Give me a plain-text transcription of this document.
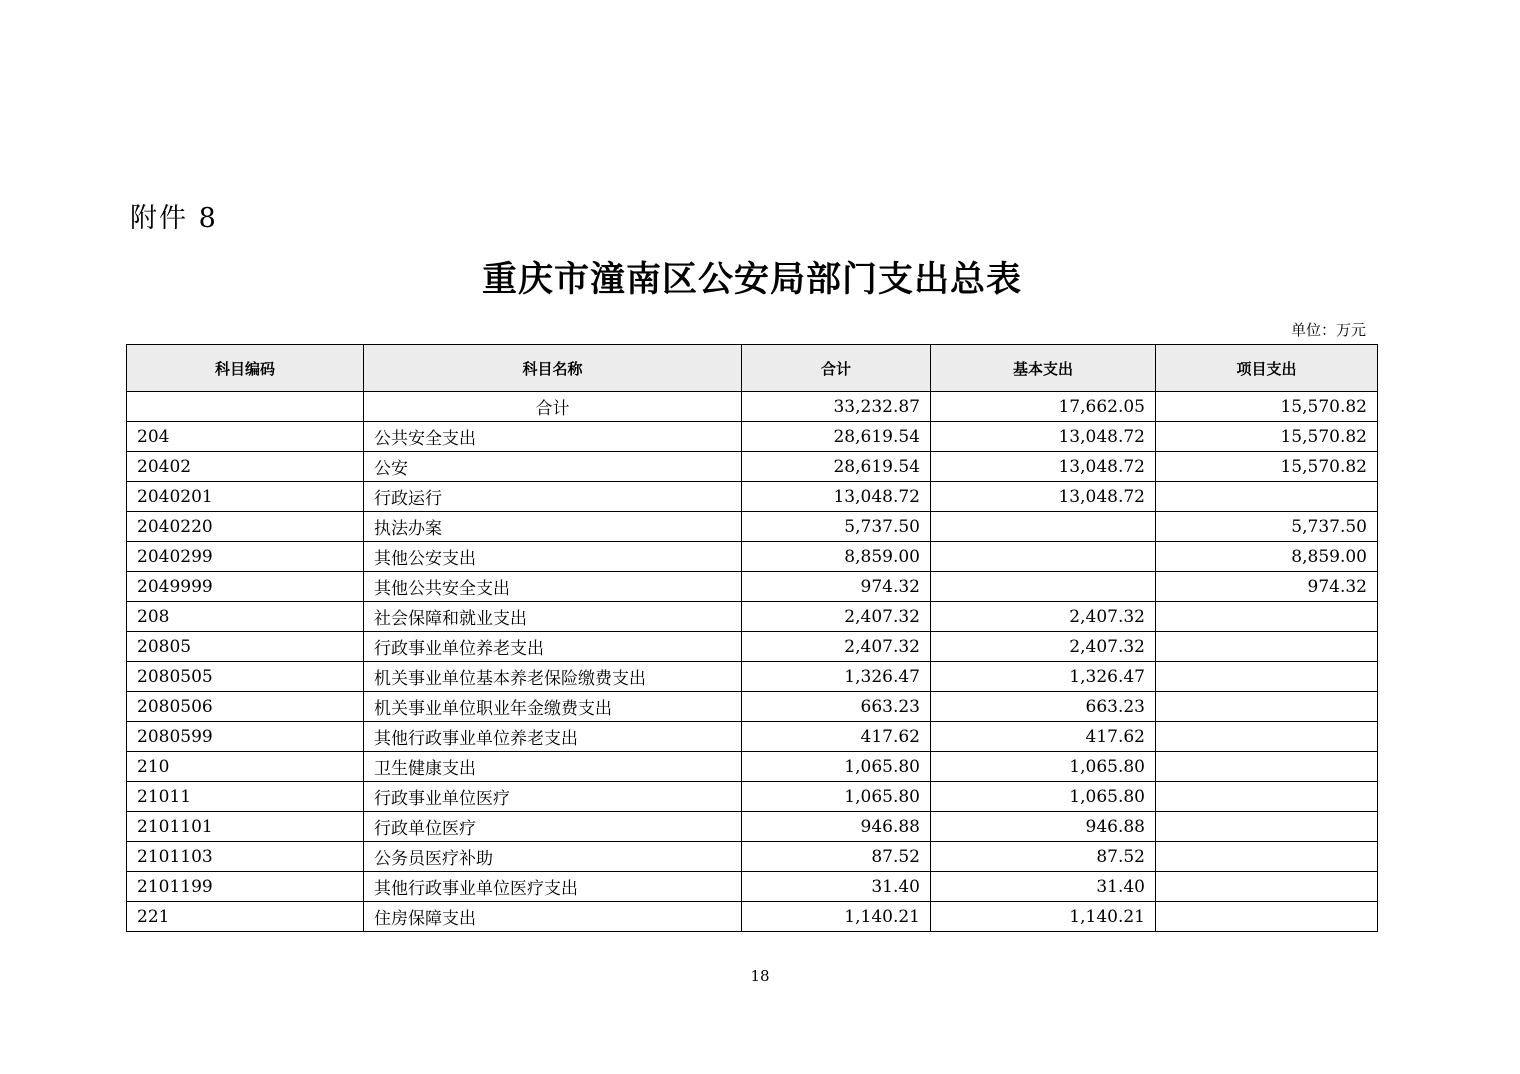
附件 8
重庆市潼南区公安局部门支出总表
单位：万元
科目编码	科目名称	合计	基本支出	项目支出
	合计	33,232.87	17,662.05	15,570.82
204	公共安全支出	28,619.54	13,048.72	15,570.82
20402	公安	28,619.54	13,048.72	15,570.82
2040201	行政运行	13,048.72	13,048.72	
2040220	执法办案	5,737.50		5,737.50
2040299	其他公安支出	8,859.00		8,859.00
2049999	其他公共安全支出	974.32		974.32
208	社会保障和就业支出	2,407.32	2,407.32	
20805	行政事业单位养老支出	2,407.32	2,407.32	
2080505	机关事业单位基本养老保险缴费支出	1,326.47	1,326.47	
2080506	机关事业单位职业年金缴费支出	663.23	663.23	
2080599	其他行政事业单位养老支出	417.62	417.62	
210	卫生健康支出	1,065.80	1,065.80	
21011	行政事业单位医疗	1,065.80	1,065.80	
2101101	行政单位医疗	946.88	946.88	
2101103	公务员医疗补助	87.52	87.52	
2101199	其他行政事业单位医疗支出	31.40	31.40	
221	住房保障支出	1,140.21	1,140.21	
18
